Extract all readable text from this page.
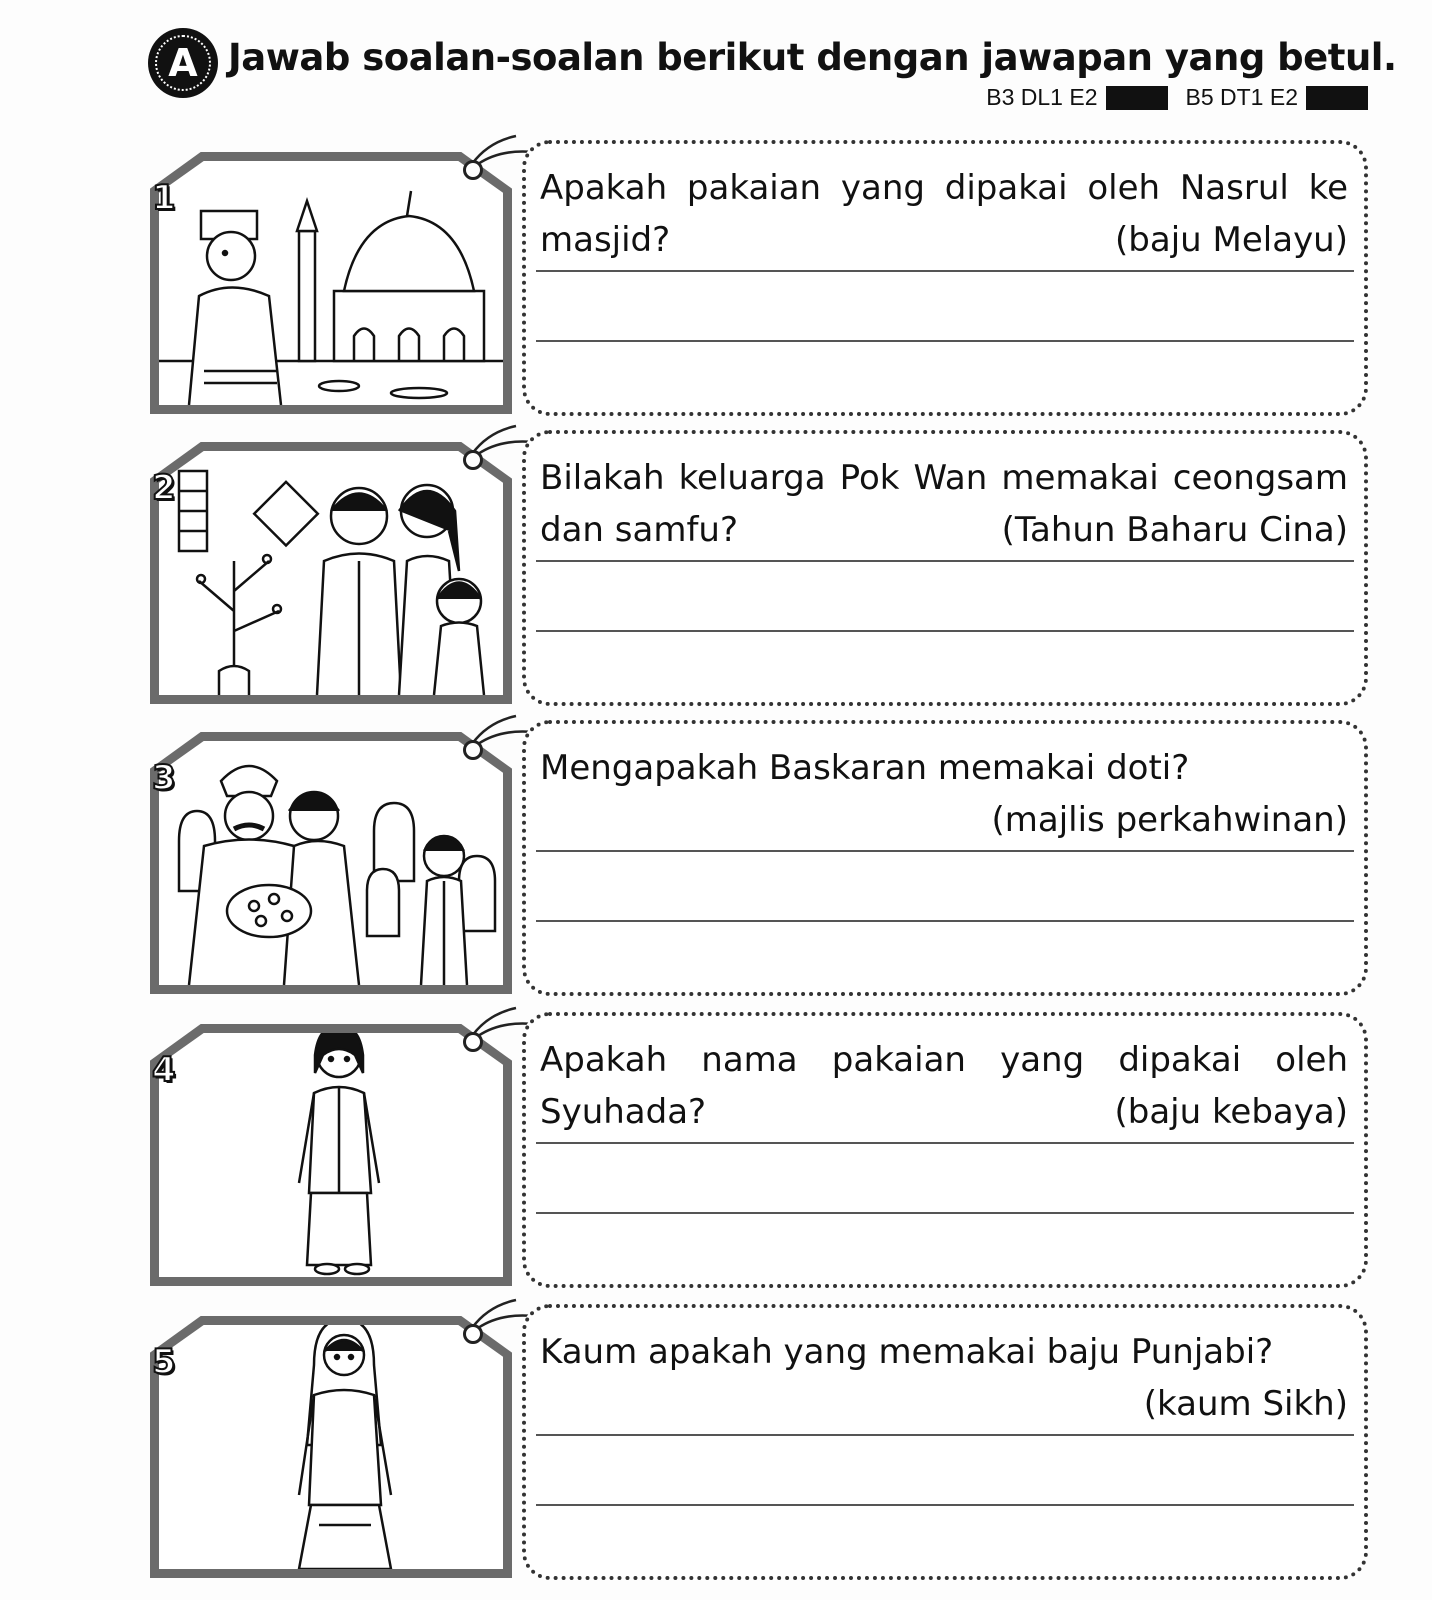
A Jawab soalan-soalan berikut dengan jawapan yang betul.
B3 DL1 E2	B5 DT1 E2
1	Apakah pakaian yang dipakai oleh Nasrul ke masjid?	(baju Melayu)
2	Bilakah keluarga Pok Wan memakai ceongsam dan samfu?	(Tahun Baharu Cina)
3	Mengapakah Baskaran memakai doti?
(majlis perkahwinan)
4	Apakah nama pakaian yang dipakai oleh Syuhada?	(baju kebaya)
5	Kaum apakah yang memakai baju Punjabi?
(kaum Sikh)
